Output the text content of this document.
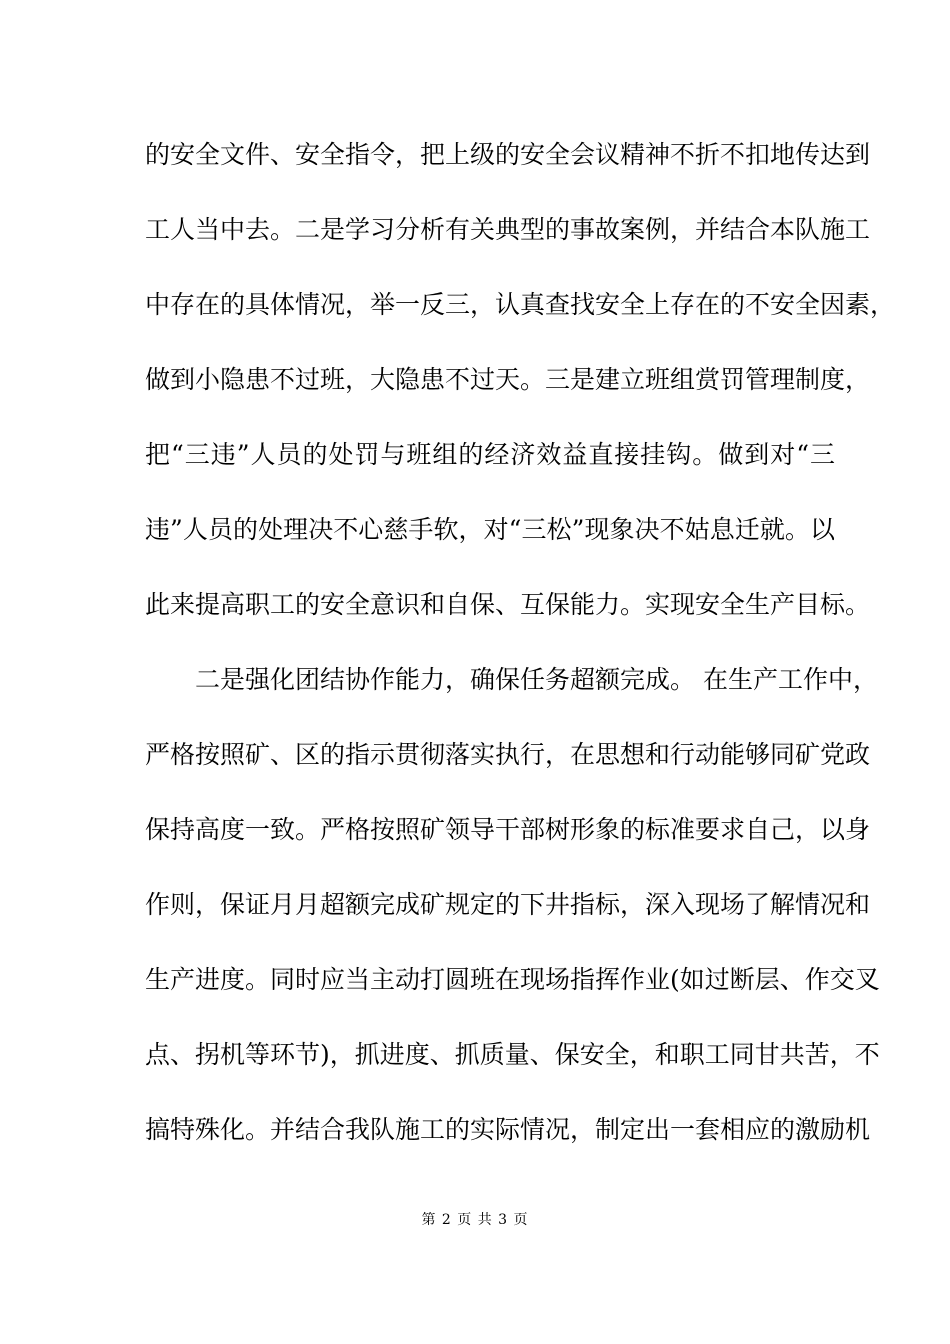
的安全文件、安全指令，把上级的安全会议精神不折不扣地传达到
工人当中去。二是学习分析有关典型的事故案例，并结合本队施工
中存在的具体情况，举一反三，认真查找安全上存在的不安全因素，
做到小隐患不过班，大隐患不过天。三是建立班组赏罚管理制度，
把“三违”人员的处罚与班组的经济效益直接挂钩。做到对“三
违”人员的处理决不心慈手软，对“三松”现象决不姑息迁就。以
此来提高职工的安全意识和自保、互保能力。实现安全生产目标。
二是强化团结协作能力，确保任务超额完成。 在生产工作中，
严格按照矿、区的指示贯彻落实执行，在思想和行动能够同矿党政
保持高度一致。严格按照矿领导干部树形象的标准要求自己，以身
作则，保证月月超额完成矿规定的下井指标，深入现场了解情况和
生产进度。同时应当主动打圆班在现场指挥作业(如过断层、作交叉
点、拐机等环节)，抓进度、抓质量、保安全，和职工同甘共苦，不
搞特殊化。并结合我队施工的实际情况，制定出一套相应的激励机
第 2 页 共 3 页
